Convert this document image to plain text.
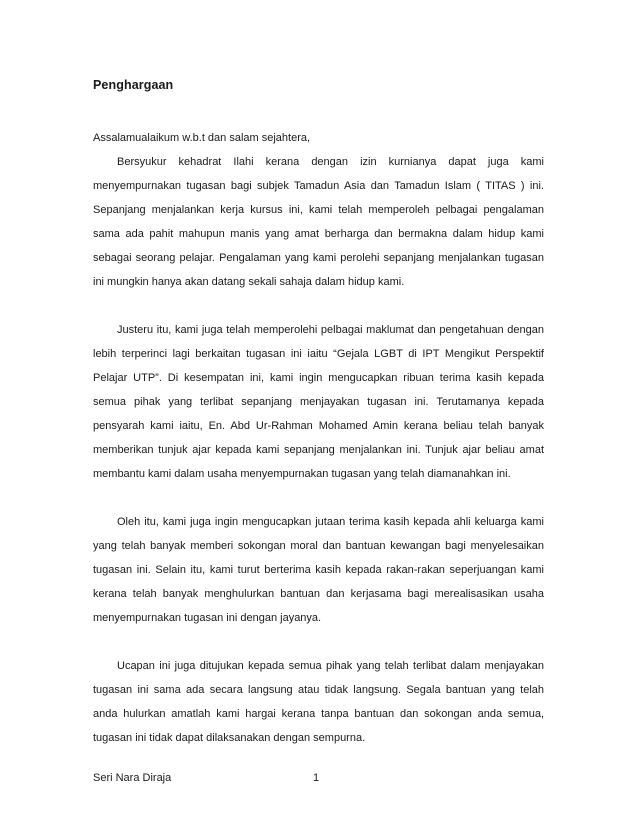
Penghargaan

Assalamualaikum w.b.t dan salam sejahtera,

Bersyukur kehadrat Ilahi kerana dengan izin kurnianya dapat juga kami menyempurnakan tugasan bagi subjek Tamadun Asia dan Tamadun Islam ( TITAS ) ini. Sepanjang menjalankan kerja kursus ini, kami telah memperoleh pelbagai pengalaman sama ada pahit mahupun manis yang amat berharga dan bermakna dalam hidup kami sebagai seorang pelajar. Pengalaman yang kami perolehi sepanjang menjalankan tugasan ini mungkin hanya akan datang sekali sahaja dalam hidup kami.

Justeru itu, kami juga telah memperolehi pelbagai maklumat dan pengetahuan dengan lebih terperinci lagi berkaitan tugasan ini iaitu “Gejala LGBT di IPT Mengikut Perspektif Pelajar UTP”. Di kesempatan ini, kami ingin mengucapkan ribuan terima kasih kepada semua pihak yang terlibat sepanjang menjayakan tugasan ini. Terutamanya kepada pensyarah kami iaitu, En. Abd Ur-Rahman Mohamed Amin kerana beliau telah banyak memberikan tunjuk ajar kepada kami sepanjang menjalankan ini. Tunjuk ajar beliau amat membantu kami dalam usaha menyempurnakan tugasan yang telah diamanahkan ini.

Oleh itu, kami juga ingin mengucapkan jutaan terima kasih kepada ahli keluarga kami yang telah banyak memberi sokongan moral dan bantuan kewangan bagi menyelesaikan tugasan ini. Selain itu, kami turut berterima kasih kepada rakan-rakan seperjuangan kami kerana telah banyak menghulurkan bantuan dan kerjasama bagi merealisasikan usaha menyempurnakan tugasan ini dengan jayanya.

Ucapan ini juga ditujukan kepada semua pihak yang telah terlibat dalam menjayakan tugasan ini sama ada secara langsung atau tidak langsung. Segala bantuan yang telah anda hulurkan amatlah kami hargai kerana tanpa bantuan dan sokongan anda semua, tugasan ini tidak dapat dilaksanakan dengan sempurna.

Seri Nara Diraja	1
